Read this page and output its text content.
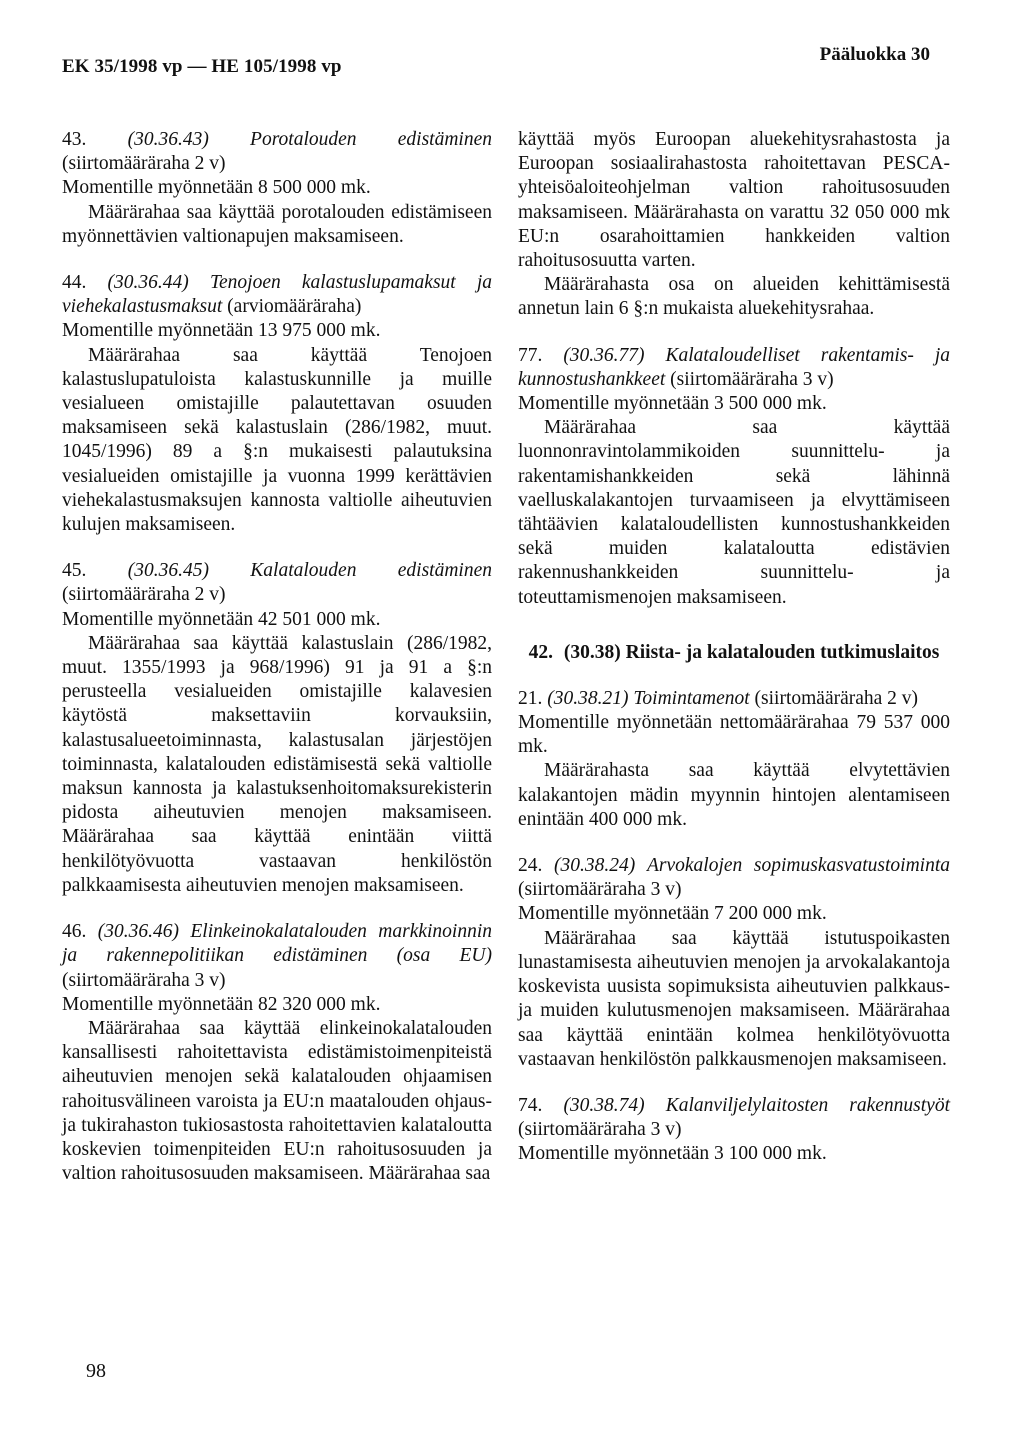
EK 35/1998 vp — HE 105/1998 vp
Pääluokka 30

43. (30.36.43) Porotalouden edistäminen (siirtomääräraha 2 v)

Momentille myönnetään 8 500 000 mk.

Määrärahaa saa käyttää porotalouden edistämiseen myönnettävien valtionapujen maksamiseen.

44. (30.36.44) Tenojoen kalastuslupamaksut ja viehekalastusmaksut (arviomääräraha)

Momentille myönnetään 13 975 000 mk.

Määrärahaa saa käyttää Tenojoen kalastuslupatuloista kalastuskunnille ja muille vesialueen omistajille palautettavan osuuden maksamiseen sekä kalastuslain (286/1982, muut. 1045/1996) 89 a §:n mukaisesti palautuksina vesialueiden omistajille ja vuonna 1999 kerättävien viehekalastusmaksujen kannosta valtiolle aiheutuvien kulujen maksamiseen.

45. (30.36.45) Kalatalouden edistäminen (siirtomääräraha 2 v)

Momentille myönnetään 42 501 000 mk.

Määrärahaa saa käyttää kalastuslain (286/1982, muut. 1355/1993 ja 968/1996) 91 ja 91 a §:n perusteella vesialueiden omistajille kalavesien käytöstä maksettaviin korvauksiin, kalastusalueetoiminnasta, kalastusalan järjestöjen toiminnasta, kalatalouden edistämisestä sekä valtiolle maksun kannosta ja kalastuksenhoitomaksurekisterin pidosta aiheutuvien menojen maksamiseen. Määrärahaa saa käyttää enintään viittä henkilötyövuotta vastaavan henkilöstön palkkaamisesta aiheutuvien menojen maksamiseen.

46. (30.36.46) Elinkeinokalatalouden markkinoinnin ja rakennepolitiikan edistäminen (osa EU) (siirtomääräraha 3 v)

Momentille myönnetään 82 320 000 mk.

Määrärahaa saa käyttää elinkeinokalatalouden kansallisesti rahoitettavista edistämistoimenpiteistä aiheutuvien menojen sekä kalatalouden ohjaamisen rahoitusvälineen varoista ja EU:n maatalouden ohjaus- ja tukirahaston tukiosastosta rahoitettavien kalataloutta koskevien toimenpiteiden EU:n rahoitusosuuden ja valtion rahoitusosuuden maksamiseen. Määrärahaa saa

käyttää myös Euroopan aluekehitysrahastosta ja Euroopan sosiaalirahastosta rahoitettavan PESCA-yhteisöaloiteohjelman valtion rahoitusosuuden maksamiseen. Määrärahasta on varattu 32 050 000 mk EU:n osarahoittamien hankkeiden valtion rahoitusosuutta varten.

Määrärahasta osa on alueiden kehittämisestä annetun lain 6 §:n mukaista aluekehitysrahaa.

77. (30.36.77) Kalataloudelliset rakentamis- ja kunnostushankkeet (siirtomääräraha 3 v)

Momentille myönnetään 3 500 000 mk.

Määrärahaa saa käyttää luonnonravintolammikoiden suunnittelu- ja rakentamishankkeiden sekä lähinnä vaelluskalakantojen turvaamiseen ja elvyttämiseen tähtäävien kalataloudellisten kunnostushankkeiden sekä muiden kalataloutta edistävien rakennushankkeiden suunnittelu- ja toteuttamismenojen maksamiseen.

42. (30.38) Riista- ja kalatalouden tutkimuslaitos

21. (30.38.21) Toimintamenot (siirtomääräraha 2 v)

Momentille myönnetään nettomäärärahaa 79 537 000 mk.

Määrärahasta saa käyttää elvytettävien kalakantojen mädin myynnin hintojen alentamiseen enintään 400 000 mk.

24. (30.38.24) Arvokalojen sopimuskasvatustoiminta (siirtomääräraha 3 v)

Momentille myönnetään 7 200 000 mk.

Määrärahaa saa käyttää istutuspoikasten lunastamisesta aiheutuvien menojen ja arvokalakantoja koskevista uusista sopimuksista aiheutuvien palkkaus- ja muiden kulutusmenojen maksamiseen. Määrärahaa saa käyttää enintään kolmea henkilötyövuotta vastaavan henkilöstön palkkausmenojen maksamiseen.

74. (30.38.74) Kalanviljelylaitosten rakennustyöt (siirtomääräraha 3 v)

Momentille myönnetään 3 100 000 mk.

98
